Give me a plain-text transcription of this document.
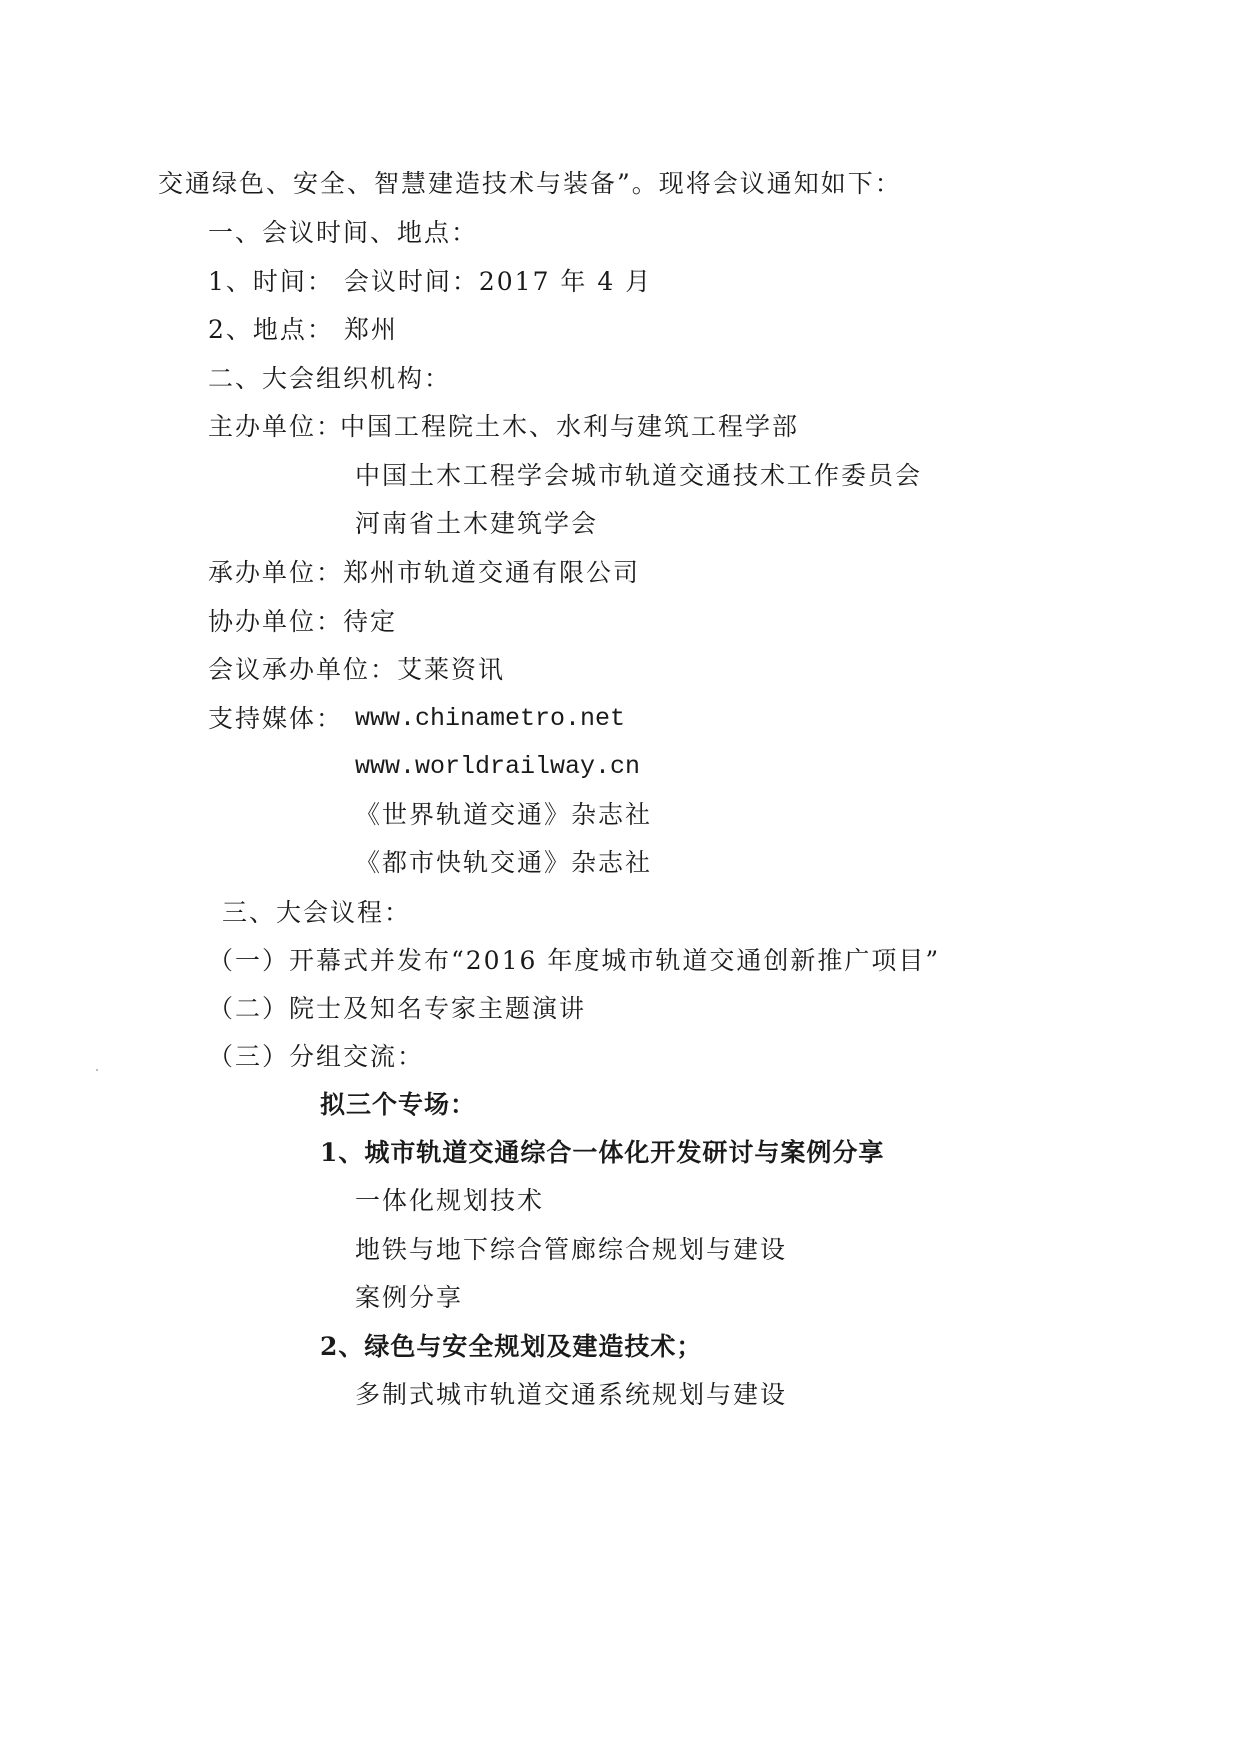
交通绿色、安全、智慧建造技术与装备”。现将会议通知如下：
一、会议时间、地点：
1、时间： 会议时间：2017 年 4 月
2、地点： 郑州
二、大会组织机构：
主办单位：
中国工程院土木、水利与建筑工程学部
中国土木工程学会城市轨道交通技术工作委员会
河南省土木建筑学会
承办单位：郑州市轨道交通有限公司
协办单位：待定
会议承办单位：艾莱资讯
支持媒体： www.chinametro.net
www.worldrailway.cn
《世界轨道交通》杂志社
《都市快轨交通》杂志社
三、大会议程：
（一）开幕式并发布“2016 年度城市轨道交通创新推广项目”
（二）院士及知名专家主题演讲
（三）分组交流：
拟三个专场：
1、城市轨道交通综合一体化开发研讨与案例分享
一体化规划技术
地铁与地下综合管廊综合规划与建设
案例分享
2、绿色与安全规划及建造技术；
多制式城市轨道交通系统规划与建设
